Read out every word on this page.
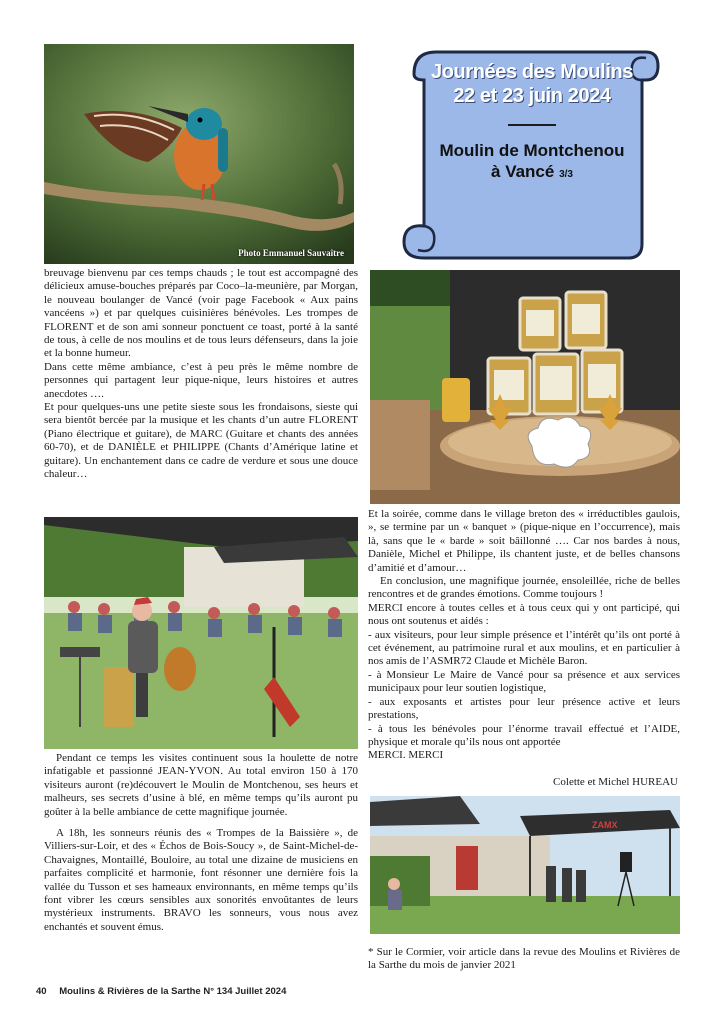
Photo Emmanuel Sauvaître
Journées des Moulins
22 et 23 juin 2024
Moulin de Montchenou
à Vancé 3/3

breuvage bienvenu par ces temps chauds ; le tout est accompagné des délicieux amuse-bouches préparés par Coco–la-meunière, par Morgan, le nouveau boulanger de Vancé (voir page Facebook « Aux pains vancéens ») et par quelques cuisinières bénévoles. Les trompes de FLORENT et de son ami sonneur ponctuent ce toast, porté à la santé de tous, à celle de nos moulins et de tous leurs défenseurs, dans la joie et la bonne humeur.

Dans cette même ambiance, c’est à peu près le même nombre de personnes qui partagent leur pique-nique, leurs histoires et autres anecdotes ….

Et pour quelques-uns une petite sieste sous les frondaisons, sieste qui sera bientôt bercée par la musique et les chants d’un autre FLORENT (Piano électrique et guitare), de MARC (Guitare et chants des années 60-70), et de DANIÈLE et PHILIPPE (Chants d’Amérique latine et guitare). Un enchantement dans ce cadre de verdure et sous une douce chaleur…

Pendant ce temps les visites continuent sous la houlette de notre infatigable et passionné JEAN-YVON. Au total environ 150 à 170 visiteurs auront (re)découvert le Moulin de Montchenou, ses heurs et malheurs, ses secrets d’usine à blé, en même temps qu’ils auront pu goûter à la belle ambiance de cette magnifique journée.

A 18h, les sonneurs réunis des « Trompes de la Baissière », de Villiers-sur-Loir, et des « Échos de Bois-Soucy », de Saint-Michel-de-Chavaignes, Montaillé, Bouloire, au total une dizaine de musiciens en parfaites complicité et harmonie, font résonner une dernière fois la vallée du Tusson et ses hameaux environnants, en même temps qu’ils font vibrer les cœurs sensibles aux sonorités envoûtantes de leurs mystérieux instruments. BRAVO les sonneurs, vous nous avez enchantés et souvent émus.

Et la soirée, comme dans le village breton des « irréductibles gaulois, », se termine par un « banquet » (pique-nique en l’occurrence), mais là, sans que le « barde » soit bâillonné …. Car nos bardes à nous, Danièle, Michel et Philippe, ils chantent juste, et de belles chansons d’amitié et d’amour…

En conclusion, une magnifique journée, ensoleillée, riche de belles rencontres et de grandes émotions. Comme toujours !

MERCI encore à toutes celles et à tous ceux qui y ont participé, qui nous ont soutenus et aidés :

- aux visiteurs, pour leur simple présence et l’intérêt qu’ils ont porté à cet événement, au patrimoine rural et aux moulins, et en particulier à nos amis de l’ASMR72 Claude et Michèle Baron.

- à Monsieur Le Maire de Vancé pour sa présence et aux services municipaux pour leur soutien logistique,

- aux exposants et artistes pour leur présence active et leurs prestations,

- à tous les bénévoles pour l’énorme travail effectué et l’AIDE, physique et morale qu’ils nous ont apportée

MERCI. MERCI

Colette et Michel HUREAU
ZAMX
* Sur le Cormier, voir article dans la revue des Moulins et Rivières de la Sarthe du mois de janvier 2021
40 Moulins & Rivières de la Sarthe N° 134 Juillet 2024
